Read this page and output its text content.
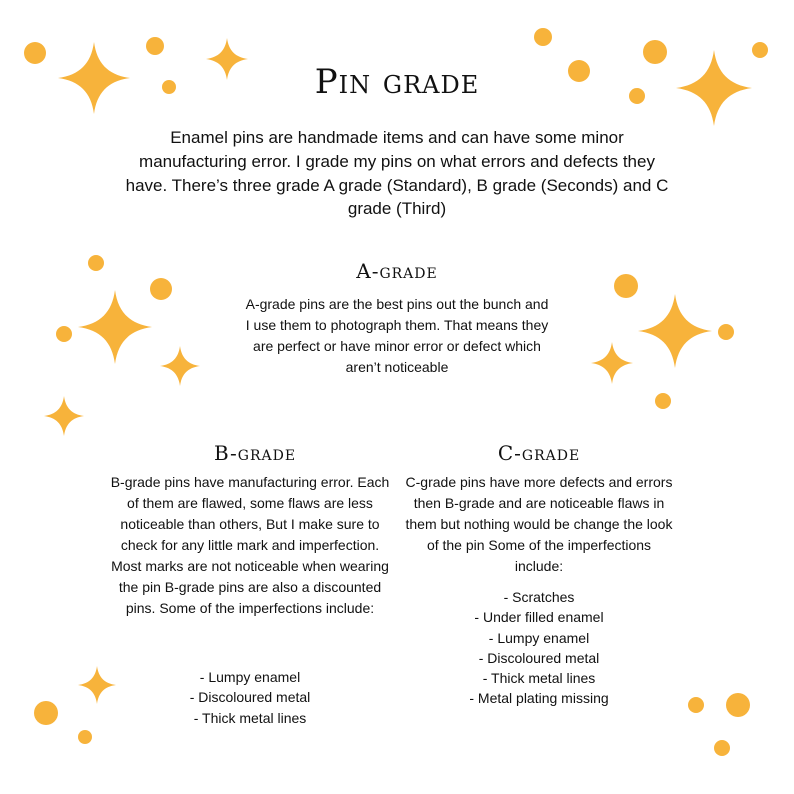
Pin grade
Enamel pins are handmade items and can have some minor manufacturing error. I grade my pins on what errors and defects they have. There’s three grade A grade (Standard), B grade (Seconds) and C grade (Third)
A-grade
A-grade pins are the best pins out the bunch and I use them to photograph them. That means they are perfect or have minor error or defect which aren’t noticeable
B-grade
B-grade pins have manufacturing error. Each of them are flawed, some flaws are less noticeable than others, But I make sure to check for any little mark and imperfection. Most marks are not noticeable when wearing the pin B-grade pins are also a discounted pins. Some of the imperfections include:
- Lumpy enamel
- Discoloured metal
- Thick metal lines
C-grade
C-grade pins have more defects and errors then B-grade and are noticeable flaws in them but nothing would be change the look of the pin Some of the imperfections include:
- Scratches
- Under filled enamel
- Lumpy enamel
- Discoloured metal
- Thick metal lines
- Metal plating missing
